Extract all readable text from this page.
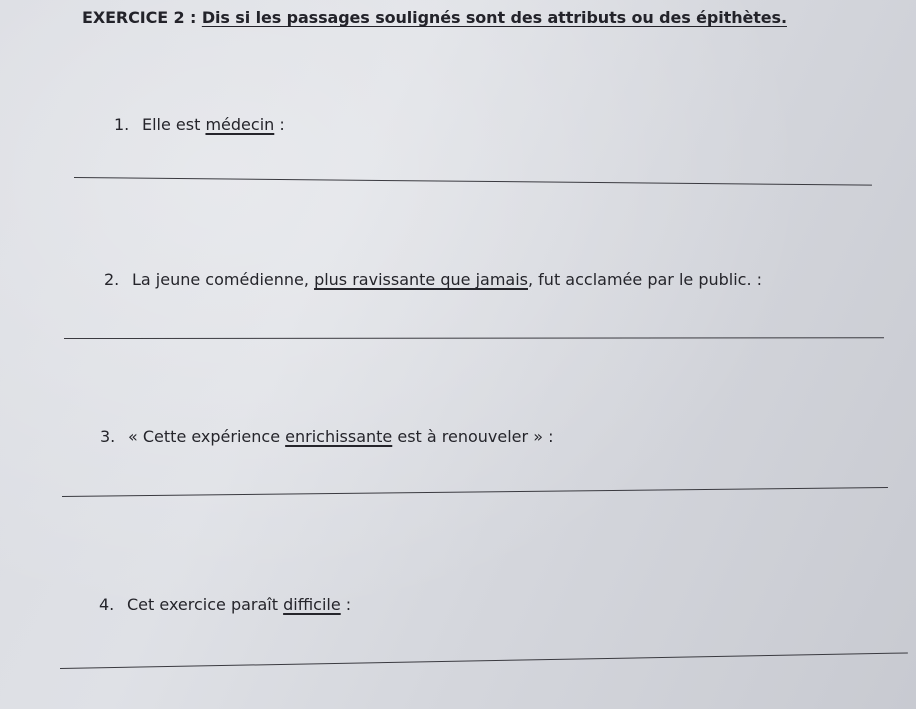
EXERCICE 2 : Dis si les passages soulignés sont des attributs ou des épithètes.
1. Elle est médecin :
2. La jeune comédienne, plus ravissante que jamais, fut acclamée par le public. :
3. « Cette expérience enrichissante est à renouveler » :
4. Cet exercice paraît difficile :
